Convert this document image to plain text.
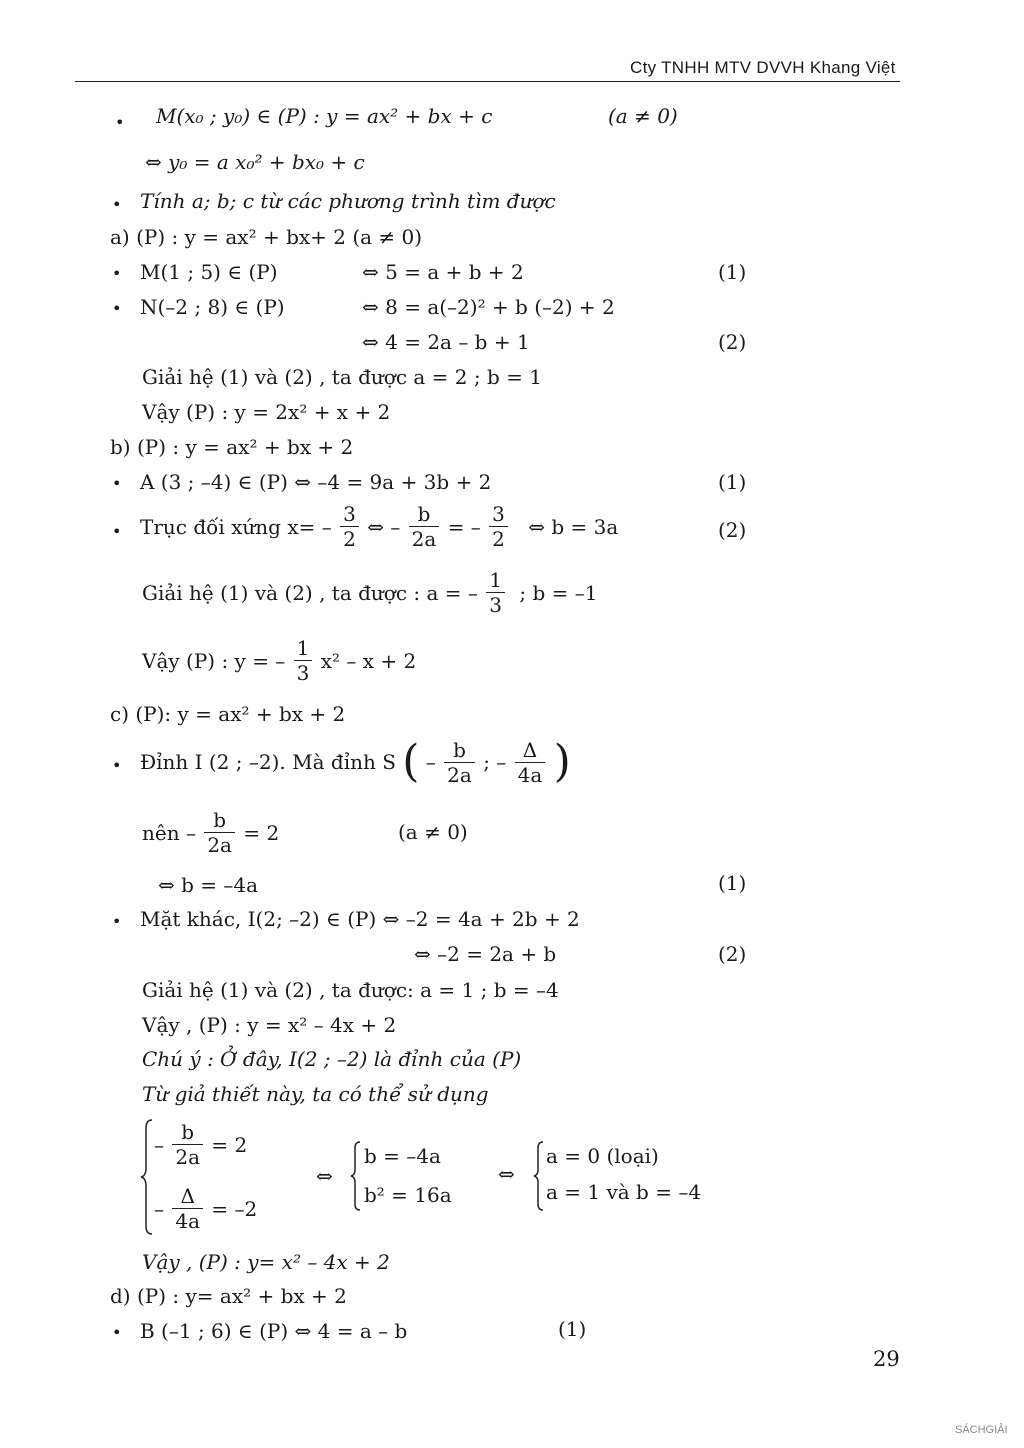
Cty TNHH MTV DVVH Khang Việt
• M(x₀ ; y₀) ∈ (P) : y = ax² + bx + c	(a ≠ 0)
⇔ y₀ = a x₀² + bx₀ + c
• Tính a; b; c từ các phương trình tìm được
a) (P) : y = ax² + bx+ 2 (a ≠ 0)
• M(1 ; 5) ∈ (P)	⇔ 5 = a + b + 2	(1)
• N(–2 ; 8) ∈ (P)	⇔ 8 = a(–2)² + b (–2) + 2
⇔ 4 = 2a – b + 1	(2)
Giải hệ (1) và (2) , ta được a = 2 ; b = 1
Vậy (P) : y = 2x² + x + 2
b) (P) : y = ax² + bx + 2
• A (3 ; –4) ∈ (P) ⇔ –4 = 9a + 3b + 2	(1)
• Trục đối xứng $x= - \frac{3}{2}$ ⇔ – $\frac{b}{2a}$ = – $\frac{3}{2}$ ⇔ b = 3a	(2)
Giải hệ (1) và (2) , ta được : a = – $\frac{1}{3}$ ; b = –1
Vậy (P) : y = – $\frac{1}{3} x^2 - x + 2$
c) (P): y = ax² + bx + 2
• Đỉnh I (2 ; –2). Mà đỉnh S ( – $\frac{b}{2a}$ ; – $\frac{\Delta}{4a}$ )
nên – $\frac{b}{2a} = 2$	(a ≠ 0)
⇔ b = –4a	(1)
• Mặt khác, I(2; –2) ∈ (P) ⇔ –2 = 4a + 2b + 2
⇔ –2 = 2a + b	(2)
Giải hệ (1) và (2) , ta được: a = 1 ; b = –4
Vậy , (P) : y = x² – 4x + 2
Chú ý : Ở đây, I(2 ; –2) là đỉnh của (P)
Từ giả thiết này, ta có thể sử dụng
– $\frac{b}{2a} = 2$
– $\frac{\Delta}{4a} = -2$
⇔
b = –4a
b² = 16a
⇔
a = 0 (loại)
a = 1 và b = –4
Vậy , (P) : y= x² – 4x + 2
d) (P) : y= ax² + bx + 2
• B (–1 ; 6) ∈ (P) ⇔ 4 = a – b	(1)
29
SÁCHGIẢI
